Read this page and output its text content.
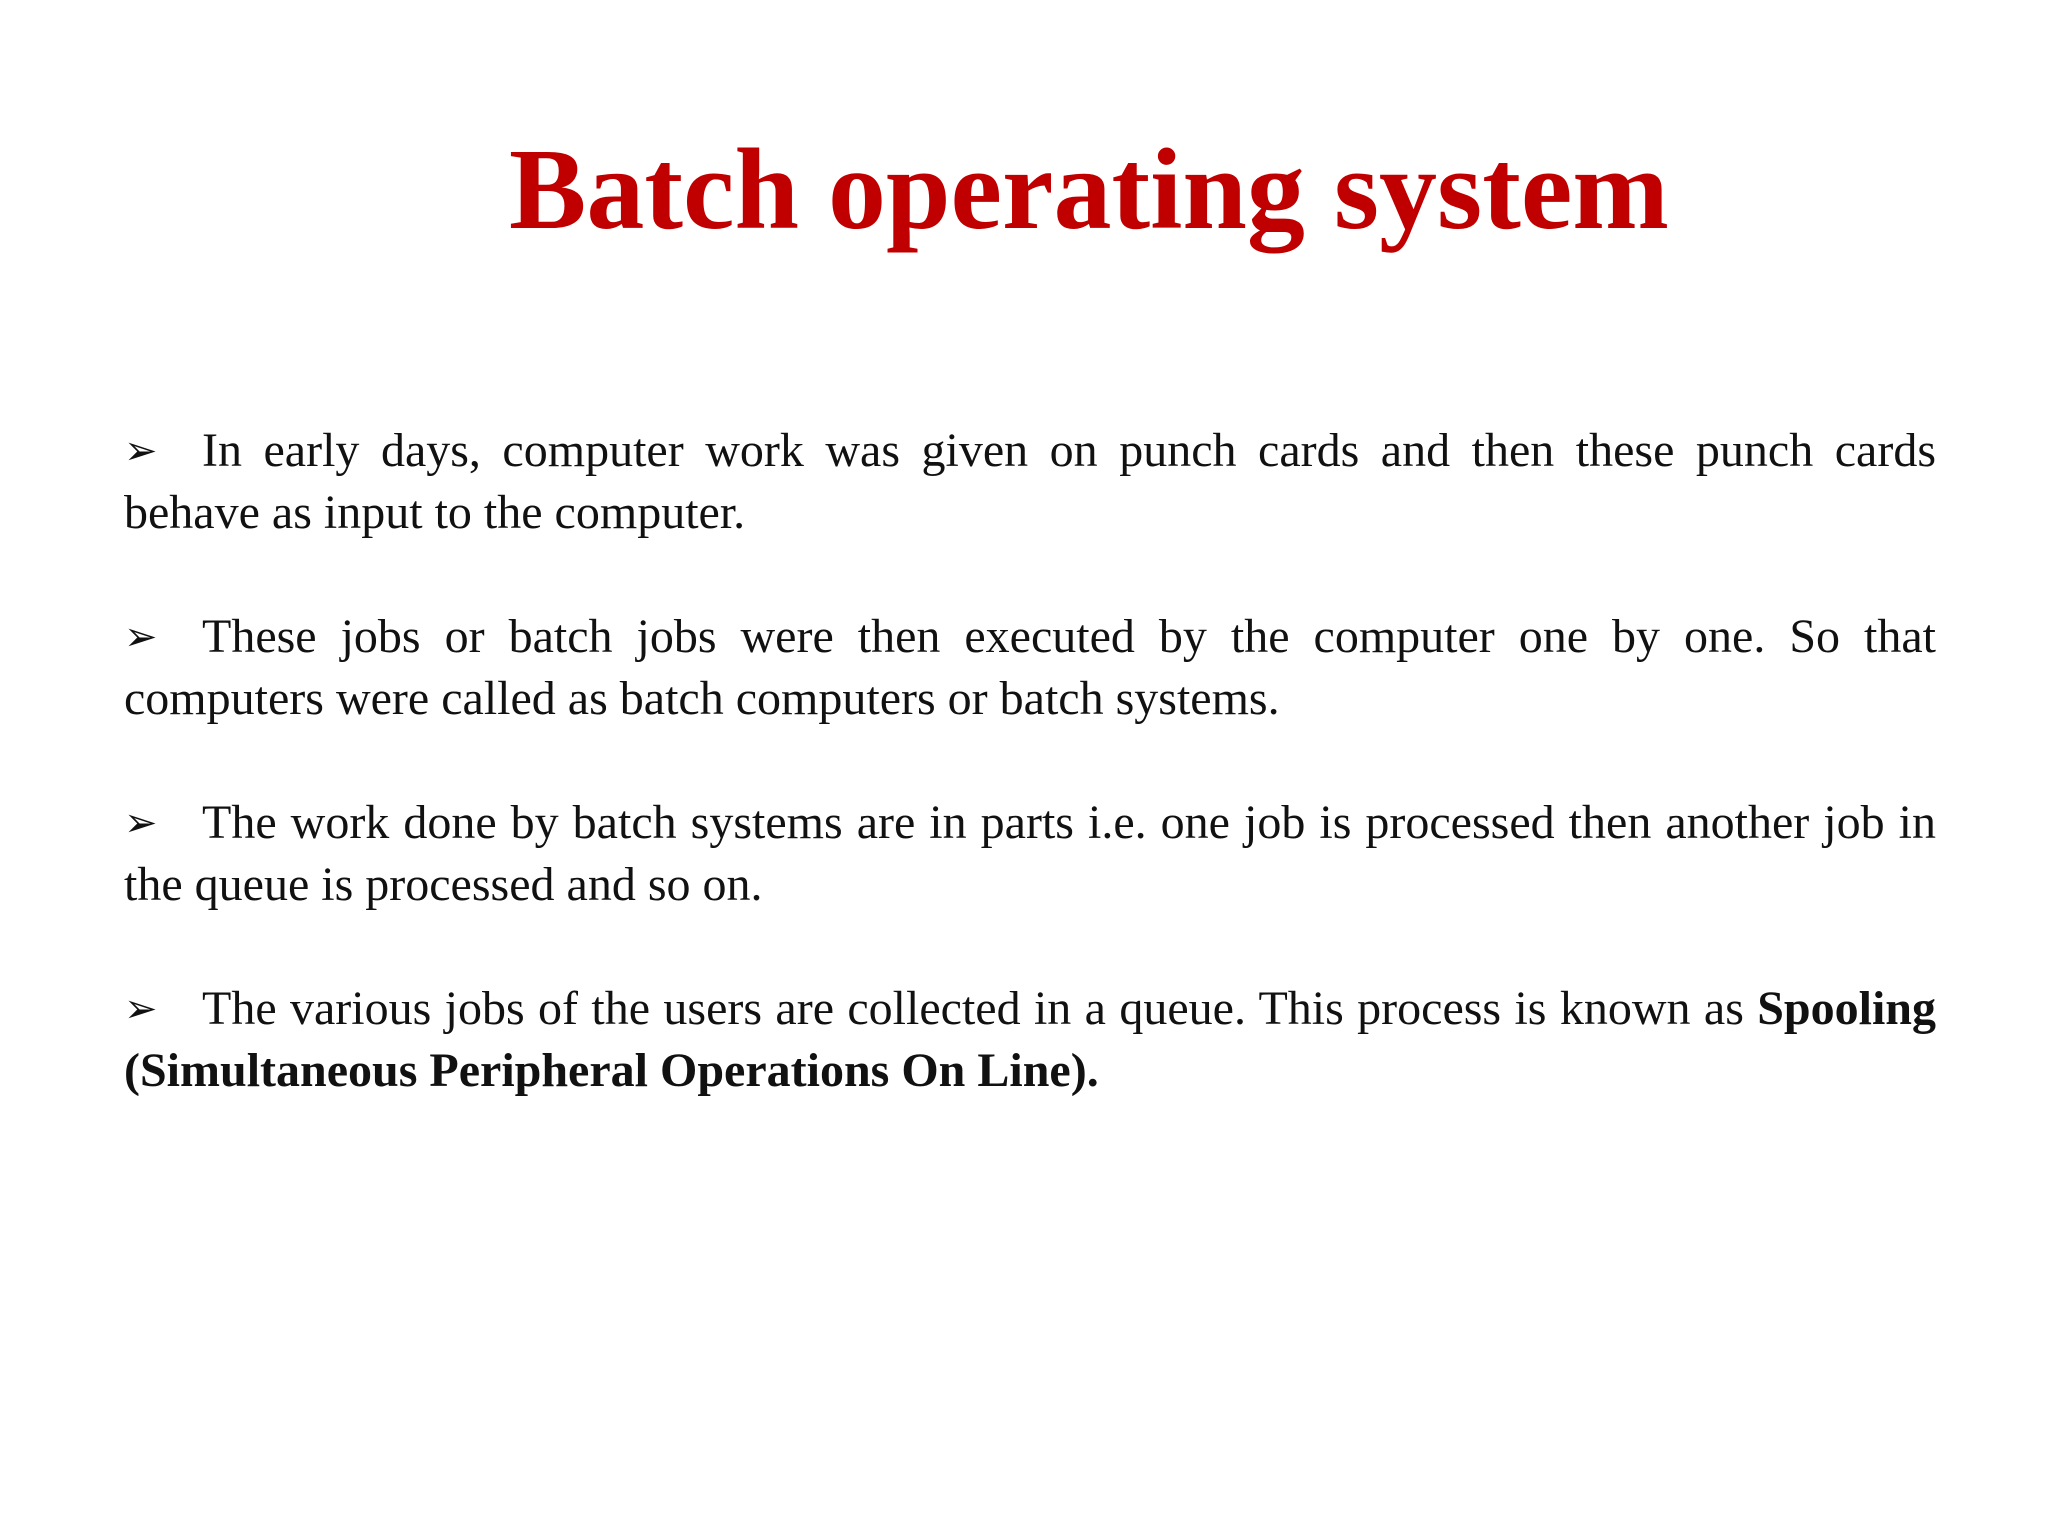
Batch operating system
➢ In early days, computer work was given on punch cards and then these punch cards behave as input to the computer.
➢ These jobs or batch jobs were then executed by the computer one by one. So that computers were called as batch computers or batch systems.
➢ The work done by batch systems are in parts i.e. one job is processed then another job in the queue is processed and so on.
➢ The various jobs of the users are collected in a queue. This process is known as Spooling (Simultaneous Peripheral Operations On Line).
